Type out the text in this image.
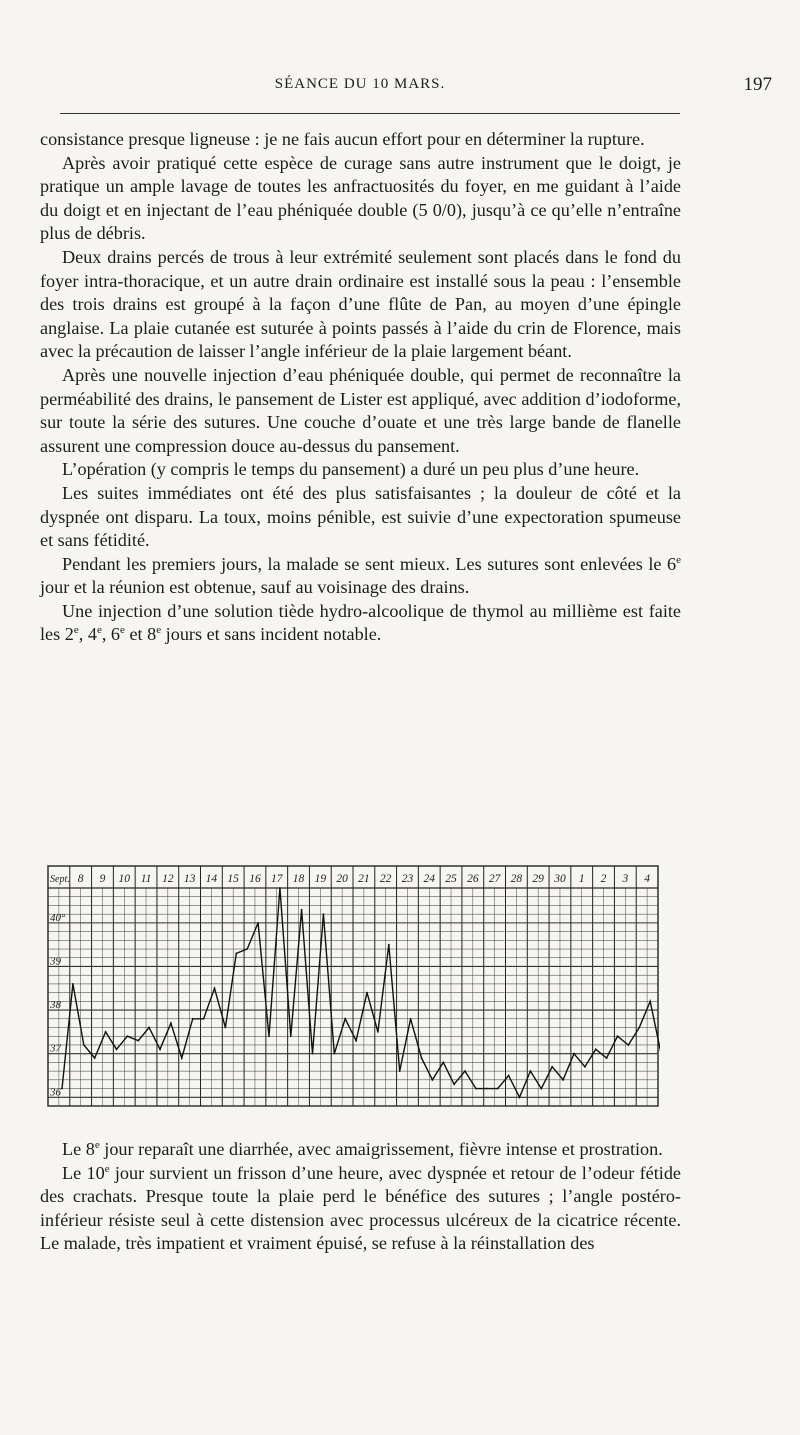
SÉANCE DU 10 MARS.	197

consistance presque ligneuse : je ne fais aucun effort pour en déterminer la rupture.

Après avoir pratiqué cette espèce de curage sans autre instrument que le doigt, je pratique un ample lavage de toutes les anfractuosités du foyer, en me guidant à l’aide du doigt et en injectant de l’eau phéniquée double (5 0/0), jusqu’à ce qu’elle n’entraîne plus de débris.

Deux drains percés de trous à leur extrémité seulement sont placés dans le fond du foyer intra-thoracique, et un autre drain ordinaire est installé sous la peau : l’ensemble des trois drains est groupé à la façon d’une flûte de Pan, au moyen d’une épingle anglaise. La plaie cutanée est suturée à points passés à l’aide du crin de Florence, mais avec la précaution de laisser l’angle inférieur de la plaie largement béant.

Après une nouvelle injection d’eau phéniquée double, qui permet de reconnaître la perméabilité des drains, le pansement de Lister est appliqué, avec addition d’iodoforme, sur toute la série des sutures. Une couche d’ouate et une très large bande de flanelle assurent une compression douce au-dessus du pansement.

L’opération (y compris le temps du pansement) a duré un peu plus d’une heure.

Les suites immédiates ont été des plus satisfaisantes ; la douleur de côté et la dyspnée ont disparu. La toux, moins pénible, est suivie d’une expectoration spumeuse et sans fétidité.

Pendant les premiers jours, la malade se sent mieux. Les sutures sont enlevées le 6e jour et la réunion est obtenue, sauf au voisinage des drains.

Une injection d’une solution tiède hydro-alcoolique de thymol au millième est faite les 2e, 4e, 6e et 8e jours et sans incident notable.

Sept. 8 9 10 11 12 13 14 15 16 17 18 19 20 21 22 23 24 25 26 27 28 29 30 1 2 3 4
40°
39
38
37
36

Le 8e jour reparaît une diarrhée, avec amaigrissement, fièvre intense et prostration.

Le 10e jour survient un frisson d’une heure, avec dyspnée et retour de l’odeur fétide des crachats. Presque toute la plaie perd le bénéfice des sutures ; l’angle postéro-inférieur résiste seul à cette distension avec processus ulcéreux de la cicatrice récente. Le malade, très impatient et vraiment épuisé, se refuse à la réinstallation des
